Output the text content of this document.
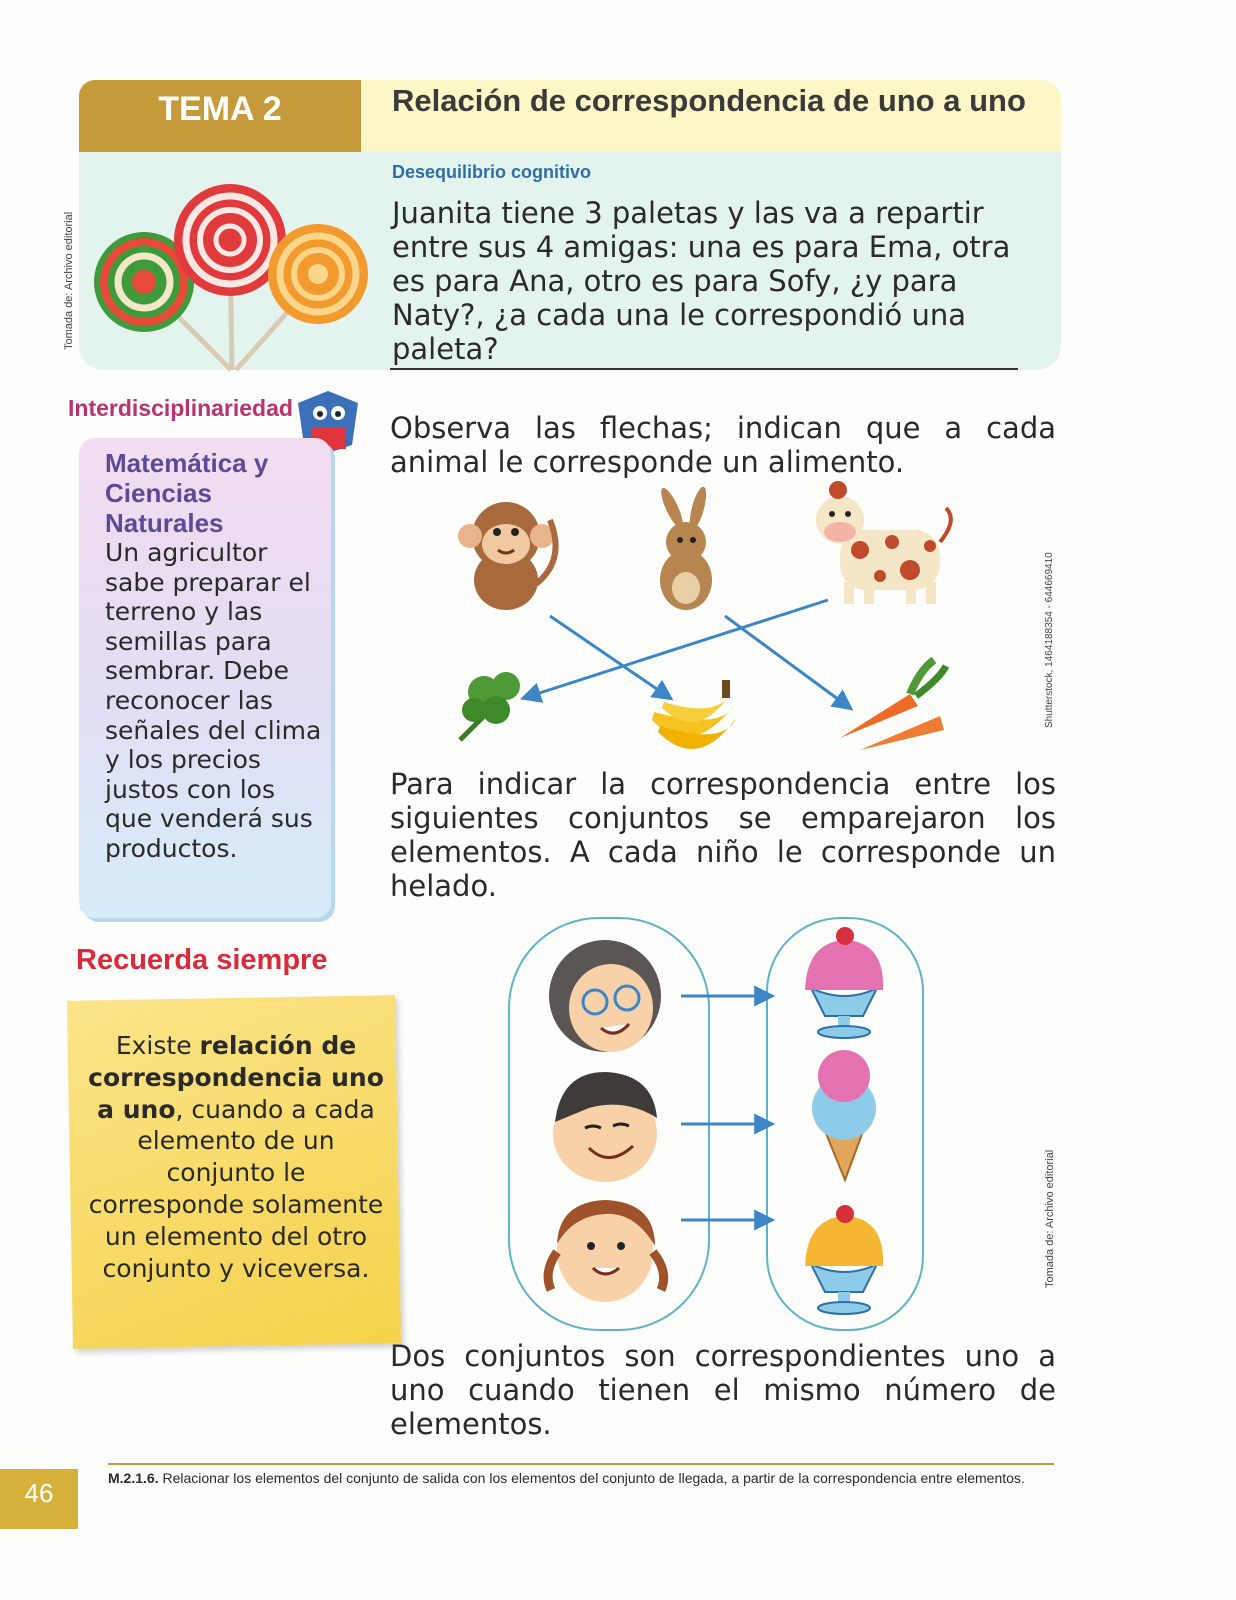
TEMA 2	Relación de correspondencia de uno a uno
Desequilibrio cognitivo
Juanita tiene 3 paletas y las va a repartir entre sus 4 amigas: una es para Ema, otra es para Ana, otro es para Sofy, ¿y para Naty?, ¿a cada una le correspondió una paleta?
Tomada de: Archivo editorial
Interdisciplinariedad
Matemática y Ciencias Naturales
Un agricultor sabe preparar el terreno y las semillas para sembrar. Debe reconocer las señales del clima y los precios justos con los que venderá sus productos.
Recuerda siempre
Existe relación de correspondencia uno a uno, cuando a cada elemento de un conjunto le corresponde solamente un elemento del otro conjunto y viceversa.
Observa las flechas; indican que a cada animal le corresponde un alimento.
Shutterstock, 1464188354 - 644669410
Para indicar la correspondencia entre los siguientes conjuntos se emparejaron los elementos. A cada niño le corresponde un helado.
Tomada de: Archivo editorial
Dos conjuntos son correspondientes uno a uno cuando tienen el mismo número de elementos.
M.2.1.6. Relacionar los elementos del conjunto de salida con los elementos del conjunto de llegada, a partir de la correspondencia entre elementos.
46
